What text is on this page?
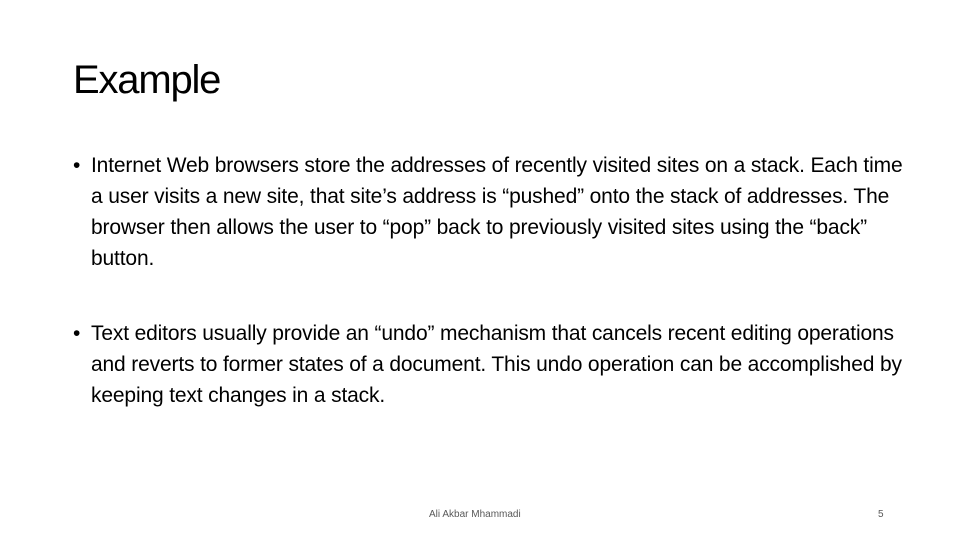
Example
• Internet Web browsers store the addresses of recently visited sites on a stack. Each time a user visits a new site, that site’s address is “pushed” onto the stack of addresses. The browser then allows the user to “pop” back to previously visited sites using the “back” button.
• Text editors usually provide an “undo” mechanism that cancels recent editing operations and reverts to former states of a document. This undo operation can be accomplished by keeping text changes in a stack.
Ali Akbar Mhammadi	5
